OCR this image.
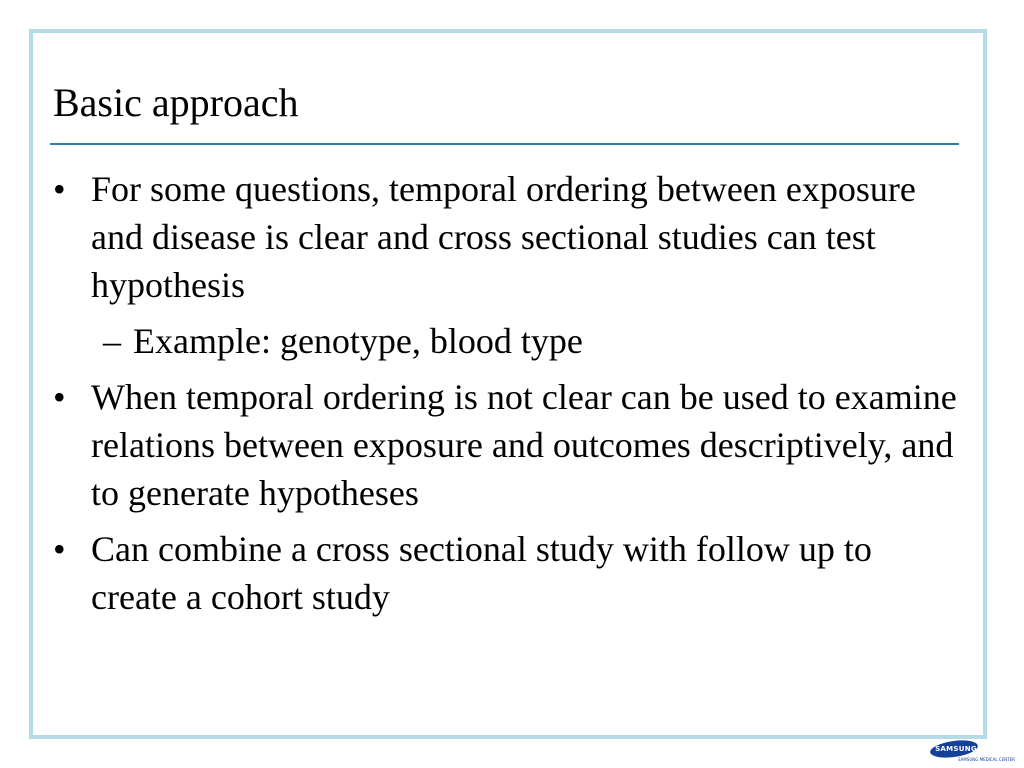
Basic approach
• For some questions, temporal ordering between exposure and disease is clear and cross sectional studies can test hypothesis
– Example: genotype, blood type
• When temporal ordering is not clear can be used to examine relations between exposure and outcomes descriptively, and to generate hypotheses
• Can combine a cross sectional study with follow up to create a cohort study
SAMSUNG
SAMSUNG MEDICAL CENTER
